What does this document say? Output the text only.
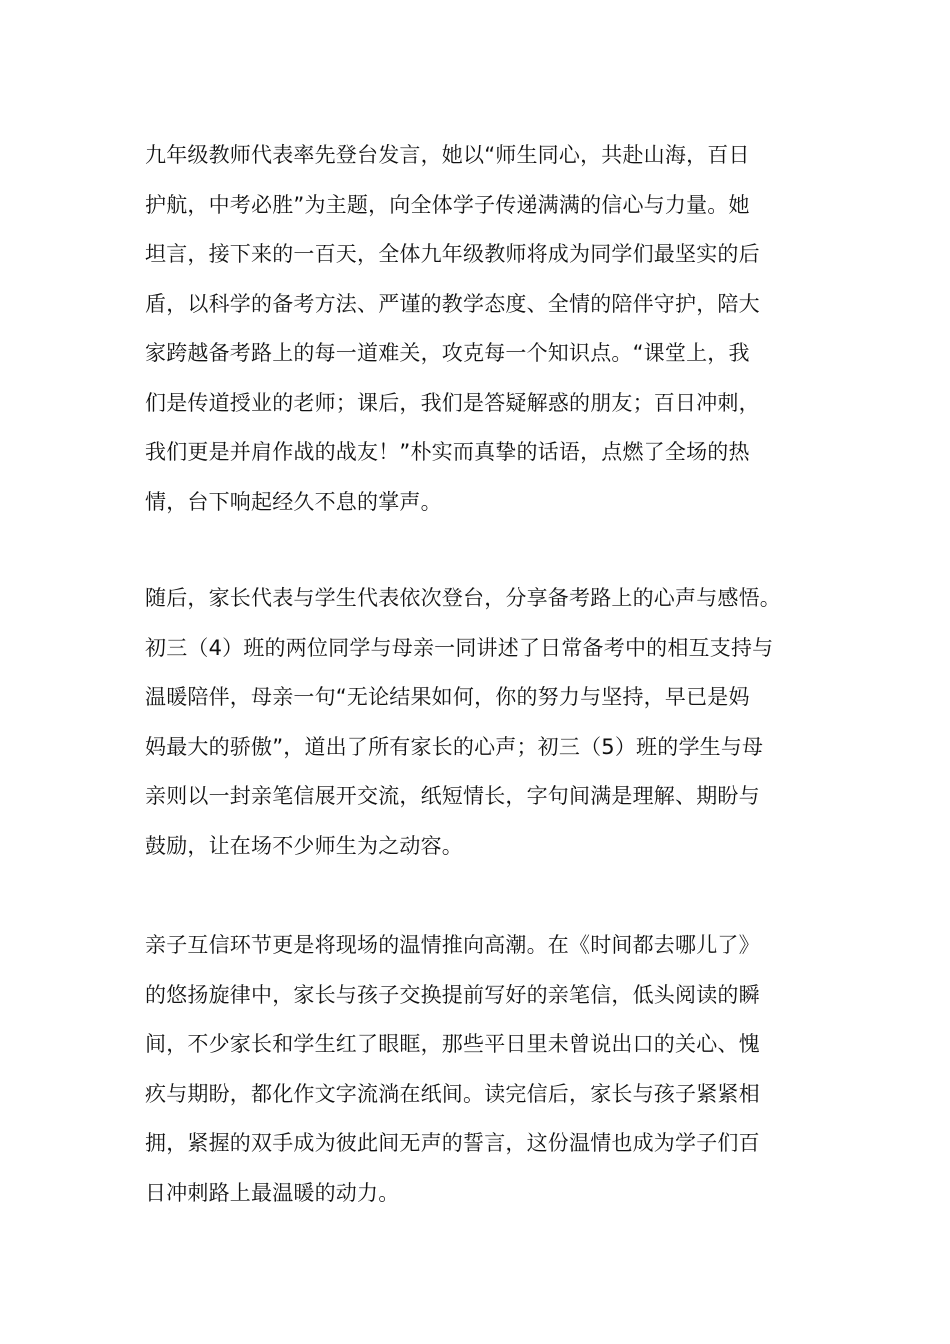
九年级教师代表率先登台发言，她以“师生同心，共赴山海，百日
护航，中考必胜”为主题，向全体学子传递满满的信心与力量。她
坦言，接下来的一百天，全体九年级教师将成为同学们最坚实的后
盾，以科学的备考方法、严谨的教学态度、全情的陪伴守护，陪大
家跨越备考路上的每一道难关，攻克每一个知识点。“课堂上，我
们是传道授业的老师；课后，我们是答疑解惑的朋友；百日冲刺，
我们更是并肩作战的战友！”朴实而真挚的话语，点燃了全场的热
情，台下响起经久不息的掌声。

随后，家长代表与学生代表依次登台，分享备考路上的心声与感悟。
初三（4）班的两位同学与母亲一同讲述了日常备考中的相互支持与
温暖陪伴，母亲一句“无论结果如何，你的努力与坚持，早已是妈
妈最大的骄傲”，道出了所有家长的心声；初三（5）班的学生与母
亲则以一封亲笔信展开交流，纸短情长，字句间满是理解、期盼与
鼓励，让在场不少师生为之动容。

亲子互信环节更是将现场的温情推向高潮。在《时间都去哪儿了》
的悠扬旋律中，家长与孩子交换提前写好的亲笔信，低头阅读的瞬
间，不少家长和学生红了眼眶，那些平日里未曾说出口的关心、愧
疚与期盼，都化作文字流淌在纸间。读完信后，家长与孩子紧紧相
拥，紧握的双手成为彼此间无声的誓言，这份温情也成为学子们百
日冲刺路上最温暖的动力。
